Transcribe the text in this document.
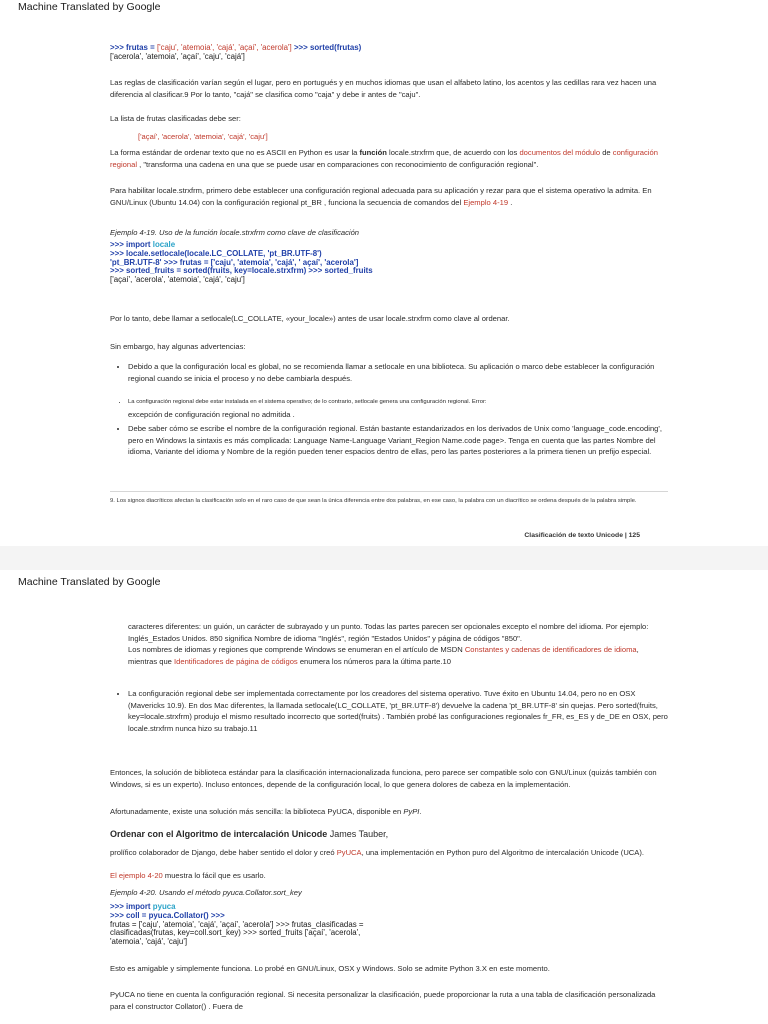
Machine Translated by Google
>>> frutas = ['caju', 'atemoia', 'cajá', 'açaí', 'acerola'] >>> sorted(frutas)
['acerola', 'atemoia', 'açaí', 'caju', 'cajá']
Las reglas de clasificación varían según el lugar, pero en portugués y en muchos idiomas que usan el alfabeto latino, los acentos y las cedillas rara vez hacen una diferencia al clasificar.9 Por lo tanto, "cajá" se clasifica como "caja" y debe ir antes de "caju".
La lista de frutas clasificadas debe ser:
['açaí', 'acerola', 'atemoia', 'cajá', 'caju']
La forma estándar de ordenar texto que no es ASCII en Python es usar la función locale.strxfrm que, de acuerdo con los documentos del módulo de configuración regional , "transforma una cadena en una que se puede usar en comparaciones con reconocimiento de configuración regional".
Para habilitar locale.strxfrm, primero debe establecer una configuración regional adecuada para su aplicación y rezar para que el sistema operativo la admita. En GNU/Linux (Ubuntu 14.04) con la configuración regional pt_BR , funciona la secuencia de comandos del Ejemplo 4-19 .
Ejemplo 4-19. Uso de la función locale.strxfrm como clave de clasificación
>>> import locale
>>> locale.setlocale(locale.LC_COLLATE, 'pt_BR.UTF-8')
'pt_BR.UTF-8' >>> frutas = ['caju', 'atemoia', 'cajá', ' açaí', 'acerola']
>>> sorted_fruits = sorted(fruits, key=locale.strxfrm) >>> sorted_fruits
['açaí', 'acerola', 'atemoia', 'cajá', 'caju']
Por lo tanto, debe llamar a setlocale(LC_COLLATE, «your_locale») antes de usar locale.strxfrm como clave al ordenar.
Sin embargo, hay algunas advertencias:
• Debido a que la configuración local es global, no se recomienda llamar a setlocale en una biblioteca. Su aplicación o marco debe establecer la configuración regional cuando se inicia el proceso y no debe cambiarla después.
• La configuración regional debe estar instalada en el sistema operativo; de lo contrario, setlocale genera una configuración regional. Error:
excepción de configuración regional no admitida .
• Debe saber cómo se escribe el nombre de la configuración regional. Están bastante estandarizados en los derivados de Unix como 'language_code.encoding', pero en Windows la sintaxis es más complicada: Language Name-Language Variant_Region Name.code page>. Tenga en cuenta que las partes Nombre del idioma, Variante del idioma y Nombre de la región pueden tener espacios dentro de ellas, pero las partes posteriores a la primera tienen un prefijo especial.
9. Los signos diacríticos afectan la clasificación solo en el raro caso de que sean la única diferencia entre dos palabras, en ese caso, la palabra con un diacrítico se ordena después de la palabra simple.
Clasificación de texto Unicode | 125
Machine Translated by Google
caracteres diferentes: un guión, un carácter de subrayado y un punto. Todas las partes parecen ser opcionales excepto el nombre del idioma. Por ejemplo: Inglés_Estados Unidos. 850 significa Nombre de idioma "Inglés", región "Estados Unidos" y página de códigos "850".
Los nombres de idiomas y regiones que comprende Windows se enumeran en el artículo de MSDN Constantes y cadenas de identificadores de idioma, mientras que Identificadores de página de códigos enumera los números para la última parte.10
• La configuración regional debe ser implementada correctamente por los creadores del sistema operativo. Tuve éxito en Ubuntu 14.04, pero no en OSX (Mavericks 10.9). En dos Mac diferentes, la llamada setlocale(LC_COLLATE, 'pt_BR.UTF-8') devuelve la cadena 'pt_BR.UTF-8' sin quejas. Pero sorted(fruits, key=locale.strxfrm) produjo el mismo resultado incorrecto que sorted(fruits) . También probé las configuraciones regionales fr_FR, es_ES y de_DE en OSX, pero locale.strxfrm nunca hizo su trabajo.11
Entonces, la solución de biblioteca estándar para la clasificación internacionalizada funciona, pero parece ser compatible solo con GNU/Linux (quizás también con Windows, si es un experto). Incluso entonces, depende de la configuración local, lo que genera dolores de cabeza en la implementación.
Afortunadamente, existe una solución más sencilla: la biblioteca PyUCA, disponible en PyPI.
Ordenar con el Algoritmo de intercalación Unicode James Tauber,
prolífico colaborador de Django, debe haber sentido el dolor y creó PyUCA, una implementación en Python puro del Algoritmo de intercalación Unicode (UCA).
El ejemplo 4-20 muestra lo fácil que es usarlo.
Ejemplo 4-20. Usando el método pyuca.Collator.sort_key
>>> import pyuca
>>> coll = pyuca.Collator() >>>
frutas = ['caju', 'atemoia', 'cajá', 'açaí', 'acerola'] >>> frutas_clasificadas =
clasificadas(frutas, key=coll.sort_key) >>> sorted_fruits ['açaí', 'acerola',
'atemoia', 'cajá', 'caju']
Esto es amigable y simplemente funciona. Lo probé en GNU/Linux, OSX y Windows. Solo se admite Python 3.X en este momento.
PyUCA no tiene en cuenta la configuración regional. Si necesita personalizar la clasificación, puede proporcionar la ruta a una tabla de clasificación personalizada para el constructor Collator() . Fuera de
